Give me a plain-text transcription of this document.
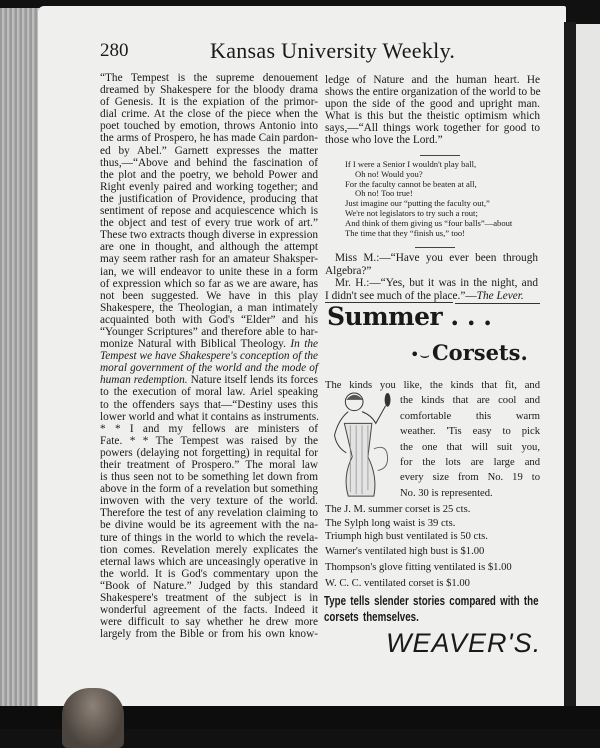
280	Kansas University Weekly.
“The Tempest is the supreme denouement
dreamed by Shakespere for the bloody drama
of Genesis. It is the expiation of the primor-
dial crime. At the close of the piece when the
poet touched by emotion, throws Antonio into
the arms of Prospero, he has made Cain pardon-
ed by Abel.” Garnett expresses the matter
thus,—“Above and behind the fascination of
the plot and the poetry, we behold Power and
Right evenly paired and working together; and
the justification of Providence, producing that
sentiment of repose and acquiescence which is
the object and test of every true work of art.”
These two extracts though diverse in expression
are one in thought, and although the attempt
may seem rather rash for an amateur Shaksper-
ian, we will endeavor to unite these in a form
of expression which so far as we are aware, has
not been suggested. We have in this play
Shakespere, the Theologian, a man intimately
acquainted both with God's “Elder” and his
“Younger Scriptures” and therefore able to har-
monize Natural with Biblical Theology. In the
Tempest we have Shakespere's conception of the
moral government of the world and the mode of
human redemption. Nature itself lends its forces
to the execution of moral law. Ariel speaking
to the offenders says that—“Destiny uses this
lower world and what it contains as instruments.
* * I and my fellows are ministers of
Fate. * * The Tempest was raised by the
powers (delaying not forgetting) in requital for
their treatment of Prospero.” The moral law
is thus seen not to be something let down from
above in the form of a revelation but something
inwoven with the very texture of the world.
Therefore the test of any revelation claiming to
be divine would be its agreement with the na-
ture of things in the world to which the revela-
tion comes. Revelation merely explicates the
eternal laws which are unceasingly operative in
the world. It is God's commentary upon the
“Book of Nature.” Judged by this standard
Shakespere's treatment of the subject is in
wonderful agreement of the facts. Indeed it
were difficult to say whether he drew more
largely from the Bible or from his own know-
ledge of Nature and the human heart. He
shows the entire organization of the world to be
upon the side of the good and upright man.
What is this but the theistic optimism which
says,—“All things work together for good to
those who love the Lord.”
If I were a Senior I wouldn't play ball,
Oh no! Would you?
For the faculty cannot be beaten at all,
Oh no! Too true!
Just imagine our “putting the faculty out,”
We're not legislators to try such a rout;
And think of them giving us “four balls”—about
The time that they “finish us,” too!
Miss M.:—“Have you ever been through
Algebra?”
Mr. H.:—“Yes, but it was in the night, and
I didn't see much of the place.”—The Lever.
Summer . . .
•⌣Corsets.
The kinds you like, the kinds that fit, and
the kinds that are cool and
comfortable this warm
weather. 'Tis easy to pick
the one that will suit you,
for the lots are large and
every size from No. 19 to
No. 30 is represented.
The J. M. summer corset is 25 cts.
The Sylph long waist is 39 cts.
Triumph high bust ventilated is 50 cts.
Warner's ventilated high bust is $1.00
Thompson's glove fitting ventilated is $1.00
W. C. C. ventilated corset is $1.00
Type tells slender stories compared with the
corsets themselves.
WEAVER'S.
